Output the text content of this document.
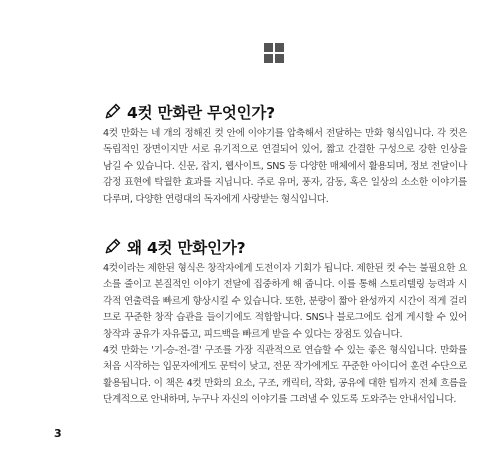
4컷 만화란 무엇인가?

4컷 만화는 네 개의 정해진 컷 안에 이야기를 압축해서 전달하는 만화 형식입니다. 각 컷은 독립적인 장면이지만 서로 유기적으로 연결되어 있어, 짧고 간결한 구성으로 강한 인상을 남길 수 있습니다. 신문, 잡지, 웹사이트, SNS 등 다양한 매체에서 활용되며, 정보 전달이나 감정 표현에 탁월한 효과를 지닙니다. 주로 유머, 풍자, 감동, 혹은 일상의 소소한 이야기를 다루며, 다양한 연령대의 독자에게 사랑받는 형식입니다.

왜 4컷 만화인가?

4컷이라는 제한된 형식은 창작자에게 도전이자 기회가 됩니다. 제한된 컷 수는 불필요한 요소를 줄이고 본질적인 이야기 전달에 집중하게 해 줍니다. 이를 통해 스토리텔링 능력과 시각적 연출력을 빠르게 향상시킬 수 있습니다. 또한, 분량이 짧아 완성까지 시간이 적게 걸리므로 꾸준한 창작 습관을 들이기에도 적합합니다. SNS나 블로그에도 쉽게 게시할 수 있어 창작과 공유가 자유롭고, 피드백을 빠르게 받을 수 있다는 장점도 있습니다.

4컷 만화는 '기-승-전-결' 구조를 가장 직관적으로 연습할 수 있는 좋은 형식입니다. 만화를 처음 시작하는 입문자에게도 문턱이 낮고, 전문 작가에게도 꾸준한 아이디어 훈련 수단으로 활용됩니다. 이 책은 4컷 만화의 요소, 구조, 캐릭터, 작화, 공유에 대한 팁까지 전체 흐름을 단계적으로 안내하며, 누구나 자신의 이야기를 그려낼 수 있도록 도와주는 안내서입니다.

3
